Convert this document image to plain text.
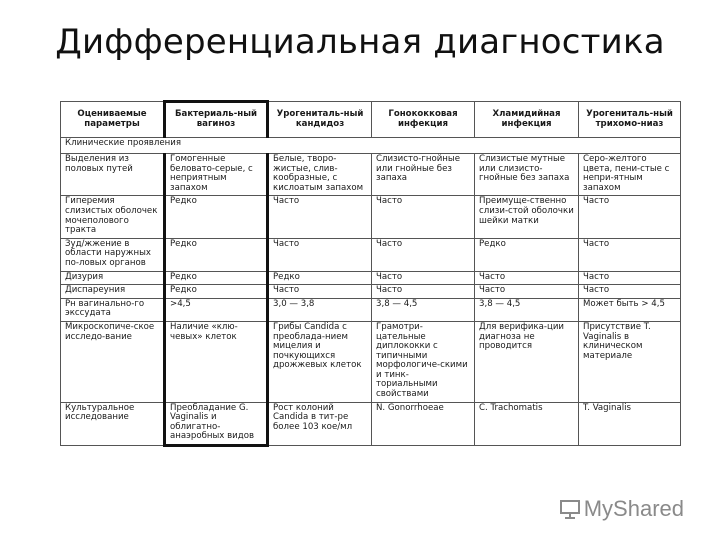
Дифференциальная диагностика
Оцениваемые параметры	Бактериаль-ный вагиноз	Урогениталь-ный кандидоз	Гонококковая инфекция	Хламидийная инфекция	Урогениталь-ный трихомо-ниаз
Клинические проявления					
Выделения из половых путей	Гомогенные беловато-серые, с неприятным запахом	Белые, творо-жистые, слив-кообразные, с кислоатым запахом	Слизисто-гнойные или гнойные без запаха	Слизистые мутные или слизисто-гнойные без запаха	Серо-желтого цвета, пени-стые с непри-ятным запахом
Гиперемия слизистых оболочек мочеполового тракта	Редко	Часто	Часто	Преимуще-ственно слизи-стой оболочки шейки матки	Часто
Зуд/жжение в области наружных по-ловых органов	Редко	Часто	Часто	Редко	Часто
Дизурия	Редко	Редко	Часто	Часто	Часто
Диспареуния	Редко	Часто	Часто	Часто	Часто
Рн вагинально-го экссудата	>4,5	3,0 — 3,8	3,8 — 4,5	3,8 — 4,5	Может быть > 4,5
Микроскопиче-ское исследо-вание	Наличие «клю-чевых» клеток	Грибы Candida с преоблада-нием мицелия и почкующихся дрожжевых клеток	Грамотри-цательные диплококки с типичными морфологиче-скими и тинк-ториальными свойствами	Для верифика-ции диагноза не проводится	Присутствие T. Vaginalis в клиническом материале
Культуральное исследование	Преобладание G. Vaginalis и облигатно-анаэробных видов	Рост колоний Candida в тит-ре более 103 кое/мл	N. Gonorrhoeae	C. Trachomatis	T. Vaginalis
MyShared
